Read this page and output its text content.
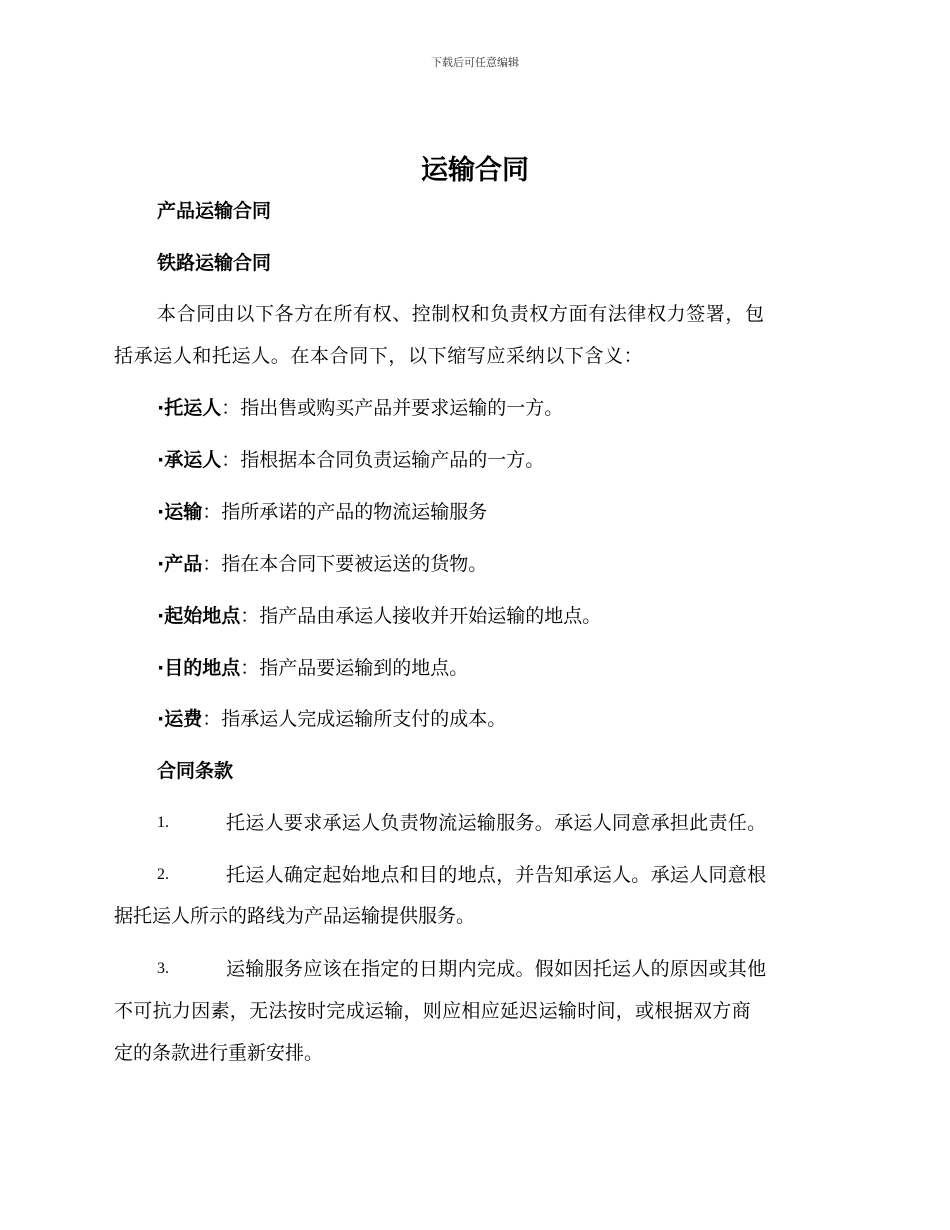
下载后可任意编辑
运输合同
产品运输合同
铁路运输合同
本合同由以下各方在所有权、控制权和负责权方面有法律权力签署，包
括承运人和托运人。在本合同下，以下缩写应采纳以下含义：
·托运人：指出售或购买产品并要求运输的一方。
·承运人：指根据本合同负责运输产品的一方。
·运输：指所承诺的产品的物流运输服务
·产品：指在本合同下要被运送的货物。
·起始地点：指产品由承运人接收并开始运输的地点。
·目的地点：指产品要运输到的地点。
·运费：指承运人完成运输所支付的成本。
合同条款
1.	托运人要求承运人负责物流运输服务。承运人同意承担此责任。
2.	托运人确定起始地点和目的地点，并告知承运人。承运人同意根
据托运人所示的路线为产品运输提供服务。
3.	运输服务应该在指定的日期内完成。假如因托运人的原因或其他
不可抗力因素，无法按时完成运输，则应相应延迟运输时间，或根据双方商
定的条款进行重新安排。
